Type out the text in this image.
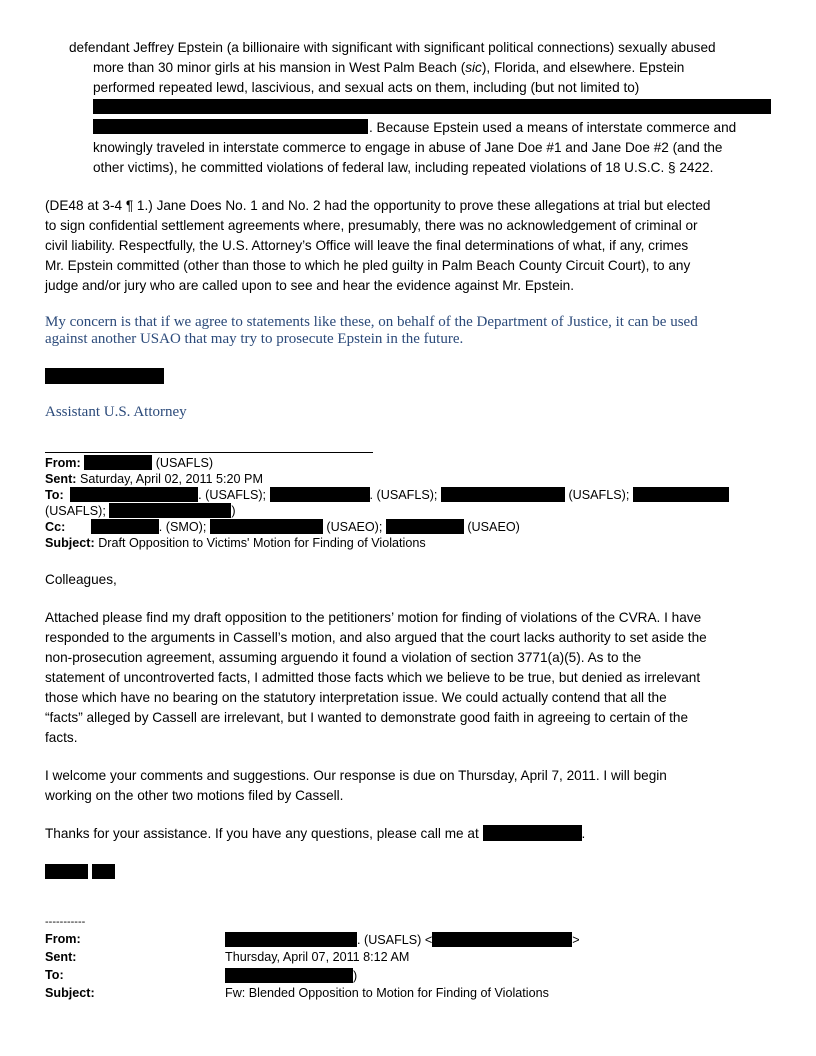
defendant Jeffrey Epstein (a billionaire with significant with significant political connections) sexually abused
more than 30 minor girls at his mansion in West Palm Beach (sic), Florida, and elsewhere. Epstein
performed repeated lewd, lascivious, and sexual acts on them, including (but not limited to)
. Because Epstein used a means of interstate commerce and
knowingly traveled in interstate commerce to engage in abuse of Jane Doe #1 and Jane Doe #2 (and the
other victims), he committed violations of federal law, including repeated violations of 18 U.S.C. § 2422.
(DE48 at 3-4 ¶ 1.) Jane Does No. 1 and No. 2 had the opportunity to prove these allegations at trial but elected
to sign confidential settlement agreements where, presumably, there was no acknowledgement of criminal or
civil liability. Respectfully, the U.S. Attorney’s Office will leave the final determinations of what, if any, crimes
Mr. Epstein committed (other than those to which he pled guilty in Palm Beach County Circuit Court), to any
judge and/or jury who are called upon to see and hear the evidence against Mr. Epstein.
My concern is that if we agree to statements like these, on behalf of the Department of Justice, it can be used
against another USAO that may try to prosecute Epstein in the future.
Assistant U.S. Attorney
From:	(USAFLS)
Sent: Saturday, April 02, 2011 5:20 PM
To:	. (USAFLS);	. (USAFLS);	(USAFLS);
(USAFLS);	)
Cc:	. (SMO);	(USAEO);	(USAEO)
Subject: Draft Opposition to Victims' Motion for Finding of Violations
Colleagues,
Attached please find my draft opposition to the petitioners’ motion for finding of violations of the CVRA. I have
responded to the arguments in Cassell’s motion, and also argued that the court lacks authority to set aside the
non-prosecution agreement, assuming arguendo it found a violation of section 3771(a)(5). As to the
statement of uncontroverted facts, I admitted those facts which we believe to be true, but denied as irrelevant
those which have no bearing on the statutory interpretation issue. We could actually contend that all the
“facts” alleged by Cassell are irrelevant, but I wanted to demonstrate good faith in agreeing to certain of the
facts.
I welcome your comments and suggestions. Our response is due on Thursday, April 7, 2011. I will begin
working on the other two motions filed by Cassell.
Thanks for your assistance. If you have any questions, please call me at	.
-----------
From:	. (USAFLS) <	>
Sent:	Thursday, April 07, 2011 8:12 AM
To:	)
Subject:	Fw: Blended Opposition to Motion for Finding of Violations
